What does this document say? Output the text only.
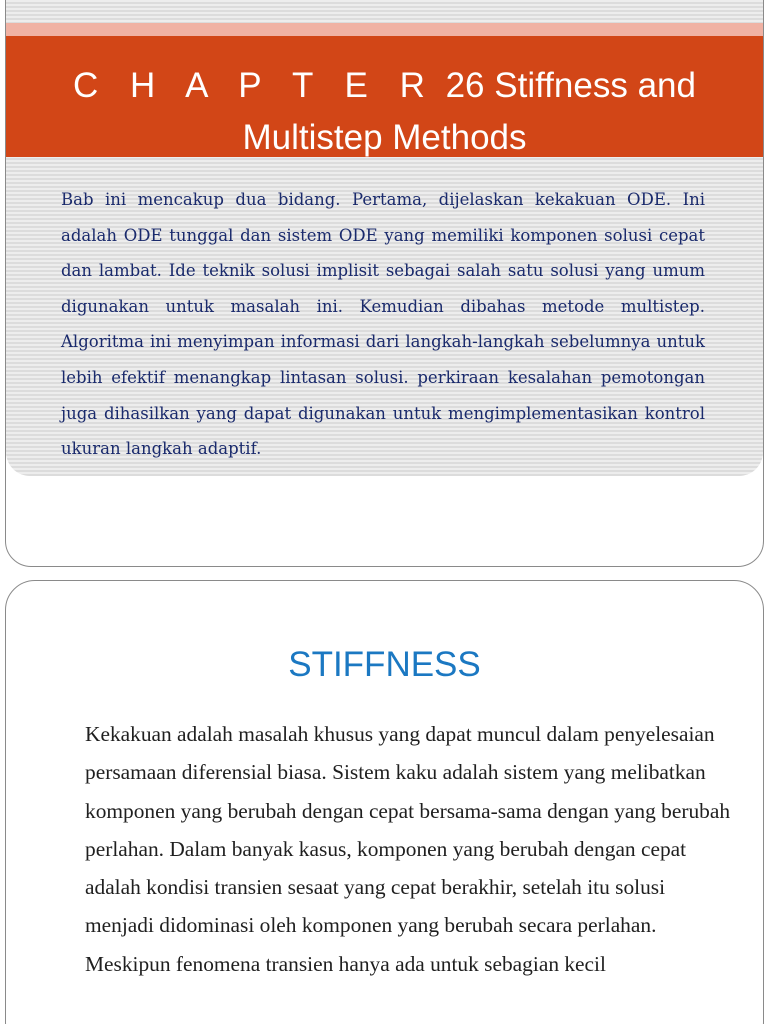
C H A P T E R 26 Stiffness and
Multistep Methods
Bab ini mencakup dua bidang. Pertama, dijelaskan kekakuan ODE. Ini adalah ODE tunggal dan sistem ODE yang memiliki komponen solusi cepat dan lambat. Ide teknik solusi implisit sebagai salah satu solusi yang umum digunakan untuk masalah ini. Kemudian dibahas metode multistep. Algoritma ini menyimpan informasi dari langkah-langkah sebelumnya untuk lebih efektif menangkap lintasan solusi. perkiraan kesalahan pemotongan juga dihasilkan yang dapat digunakan untuk mengimplementasikan kontrol ukuran langkah adaptif.
STIFFNESS
Kekakuan adalah masalah khusus yang dapat muncul dalam penyelesaian persamaan diferensial biasa. Sistem kaku adalah sistem yang melibatkan komponen yang berubah dengan cepat bersama-sama dengan yang berubah perlahan. Dalam banyak kasus, komponen yang berubah dengan cepat adalah kondisi transien sesaat yang cepat berakhir, setelah itu solusi menjadi didominasi oleh komponen yang berubah secara perlahan. Meskipun fenomena transien hanya ada untuk sebagian kecil
